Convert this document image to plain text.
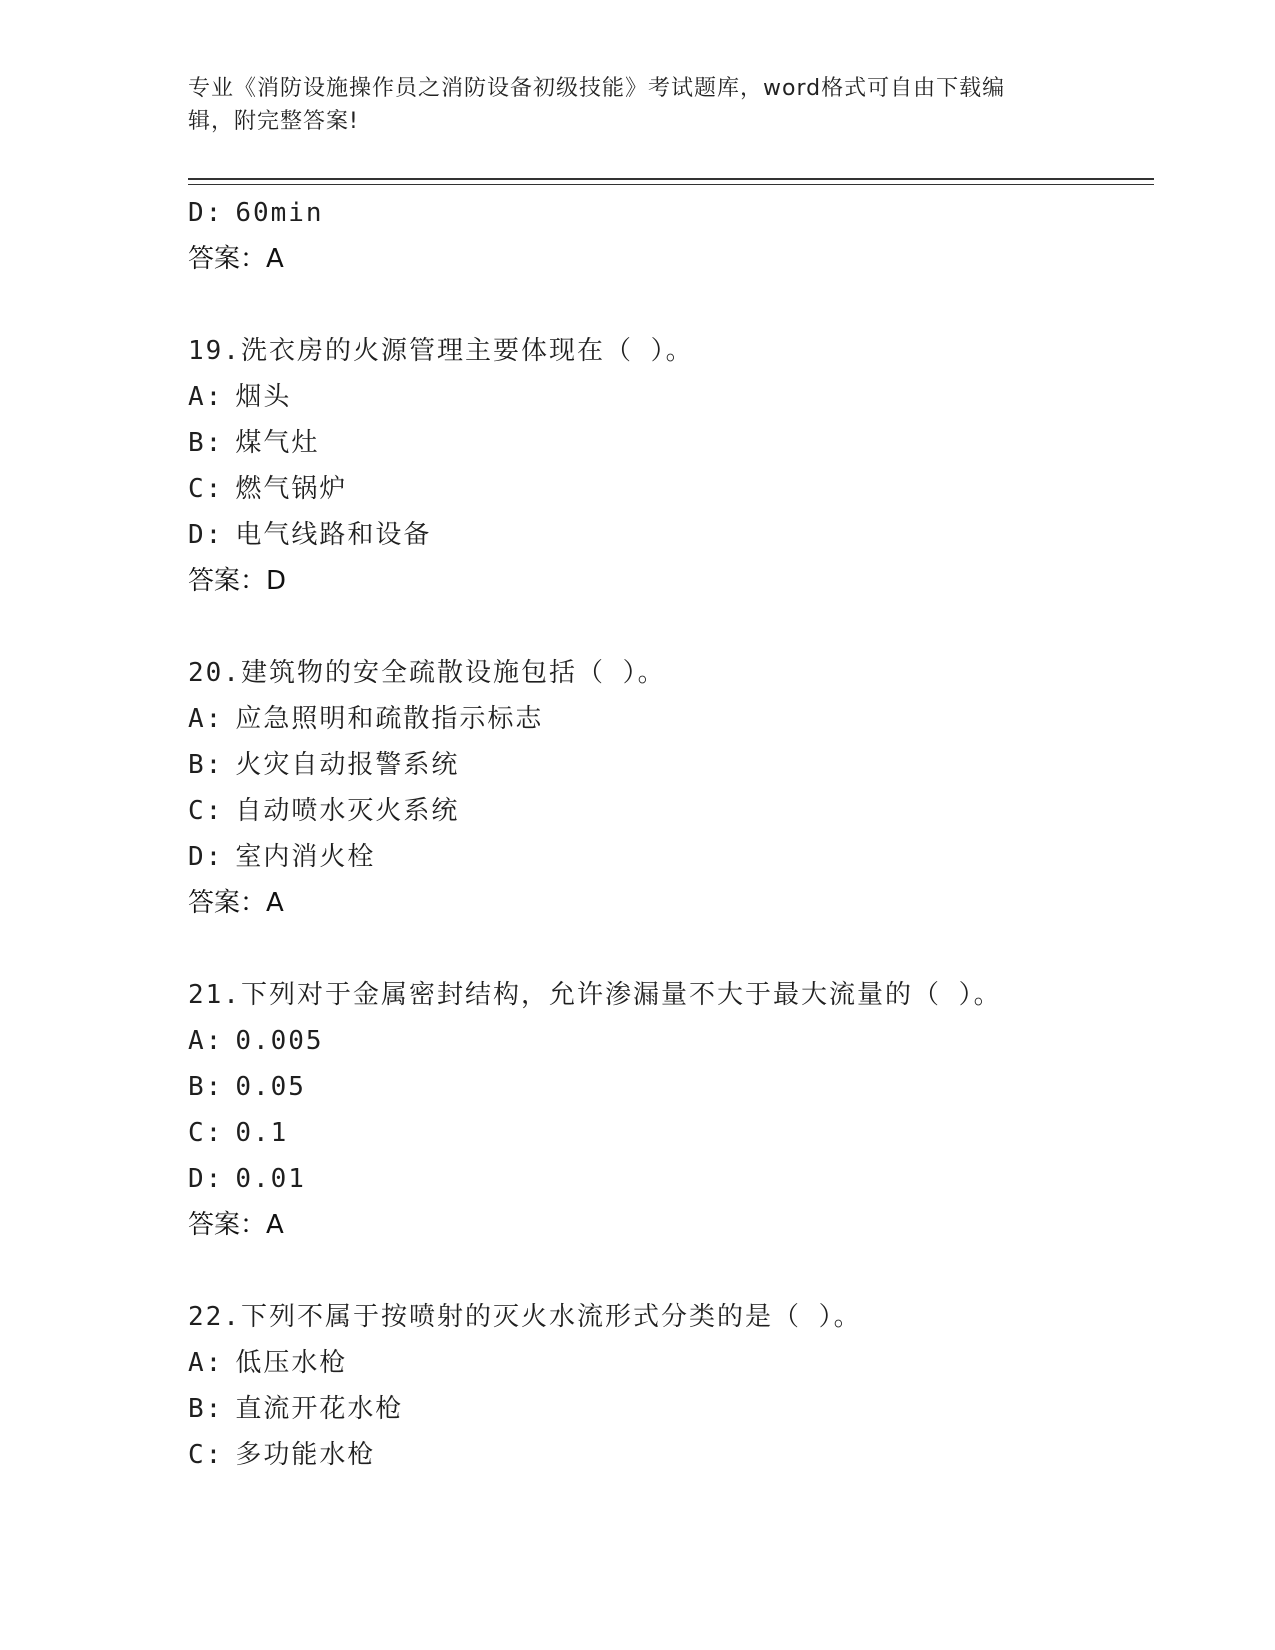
专业《消防设施操作员之消防设备初级技能》考试题库，word格式可自由下载编
辑，附完整答案!
D: 60min
答案：A
19.洗衣房的火源管理主要体现在（ ）。
A: 烟头
B: 煤气灶
C: 燃气锅炉
D: 电气线路和设备
答案：D
20.建筑物的安全疏散设施包括（ ）。
A: 应急照明和疏散指示标志
B: 火灾自动报警系统
C: 自动喷水灭火系统
D: 室内消火栓
答案：A
21.下列对于金属密封结构，允许渗漏量不大于最大流量的（ ）。
A: 0.005
B: 0.05
C: 0.1
D: 0.01
答案：A
22.下列不属于按喷射的灭火水流形式分类的是（ ）。
A: 低压水枪
B: 直流开花水枪
C: 多功能水枪
